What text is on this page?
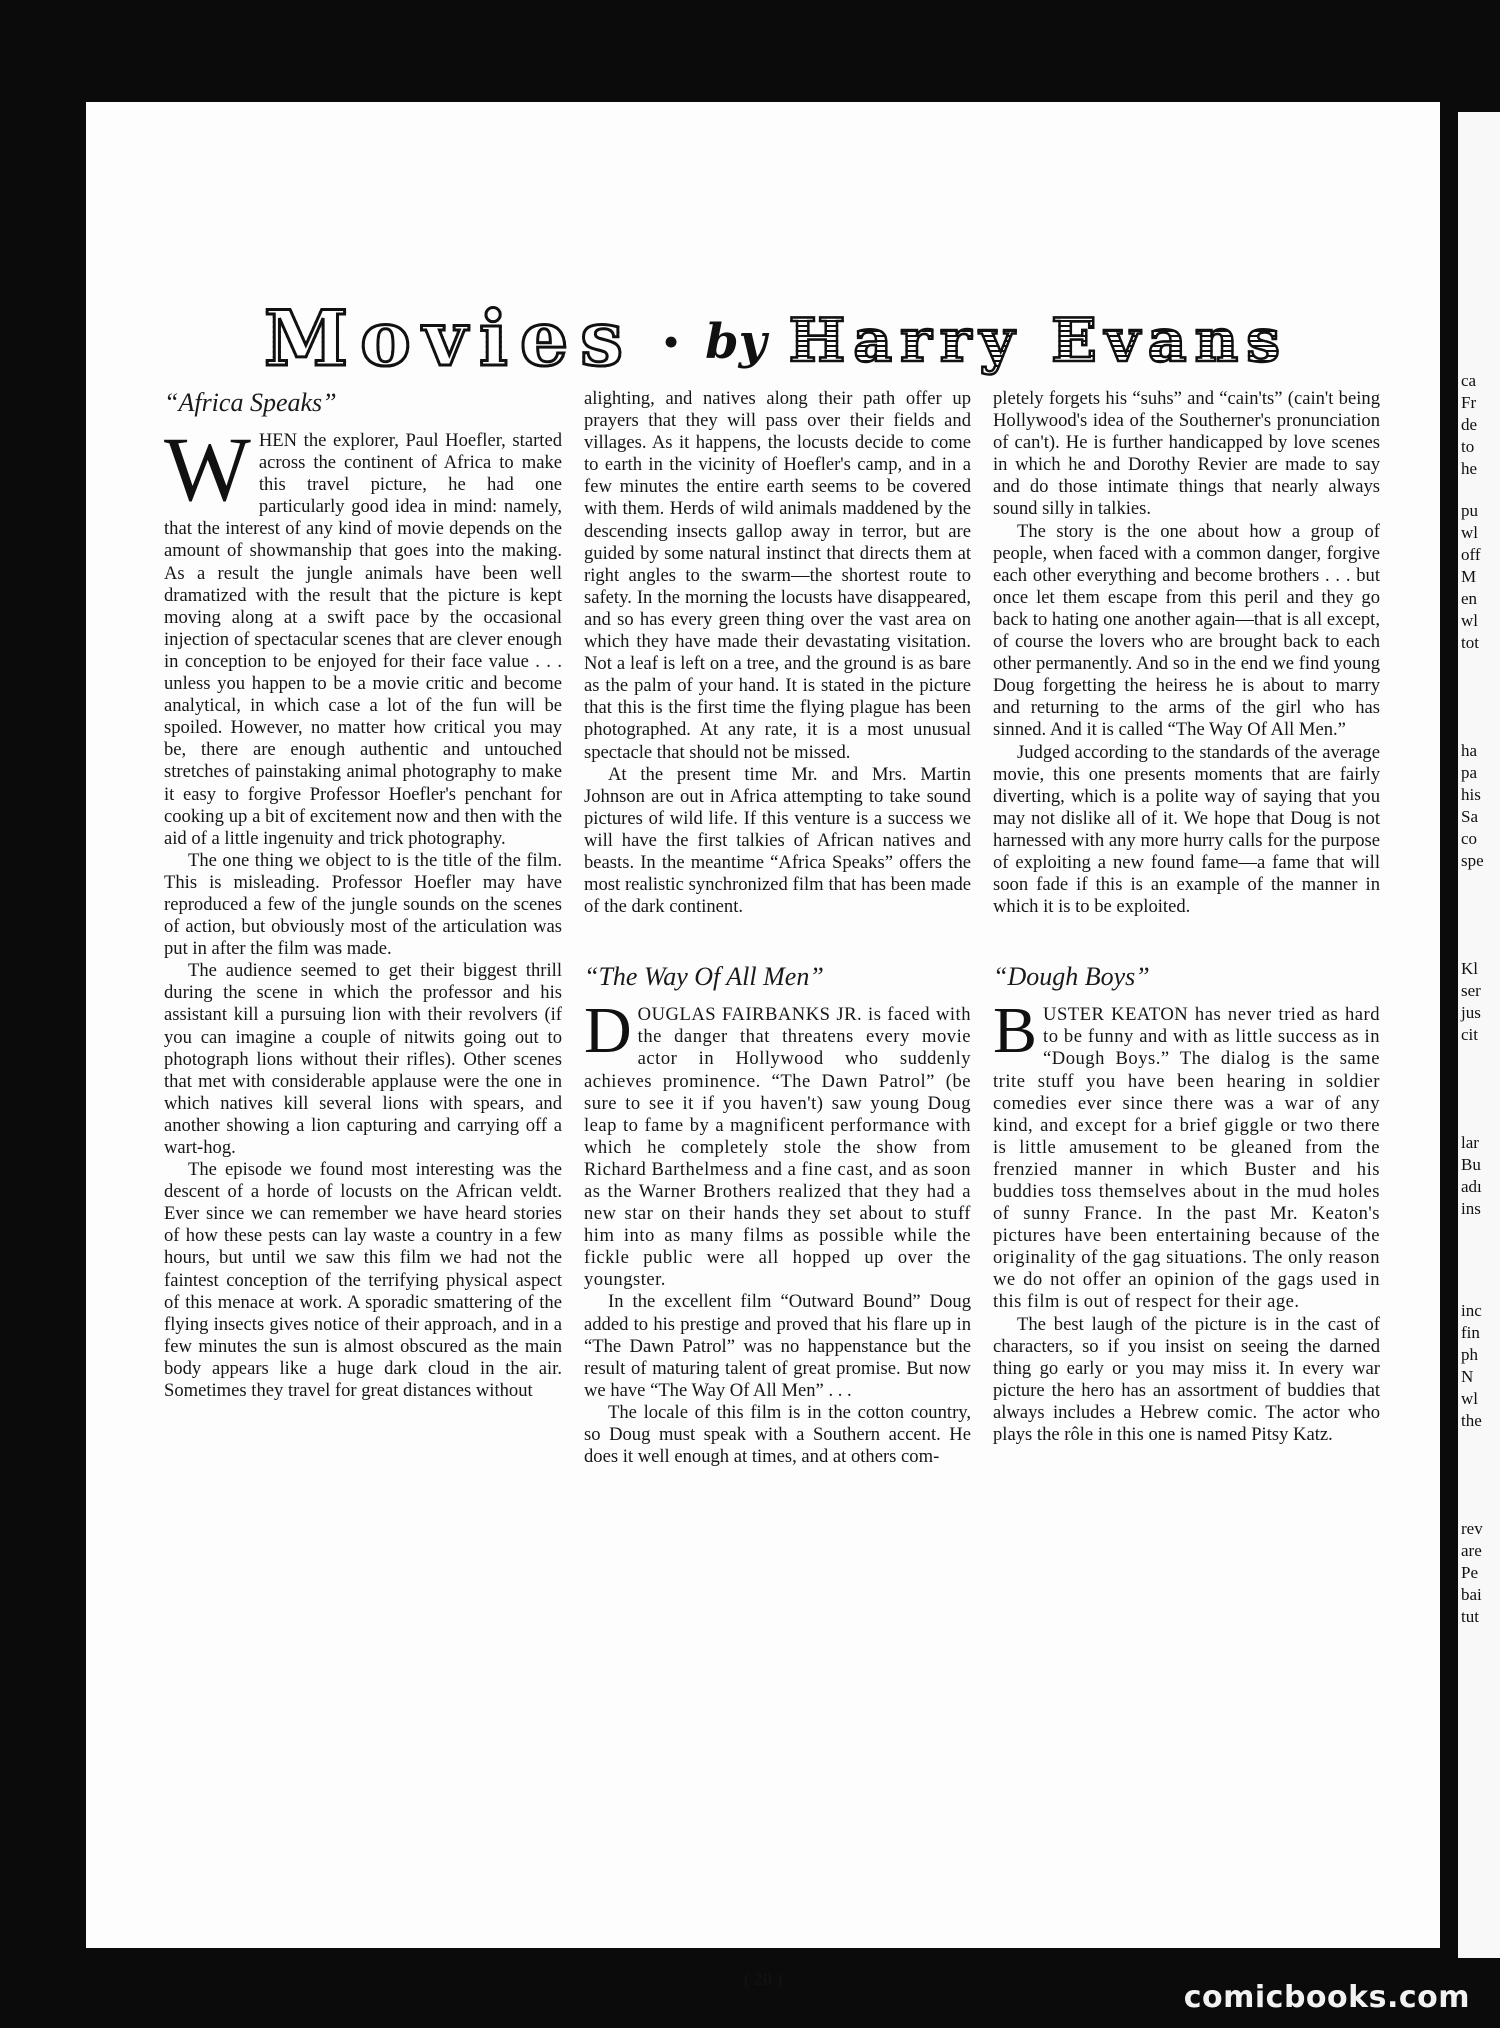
Movies • by Harry Evans
“Africa Speaks”

WHEN the explorer, Paul Hoefler, started across the continent of Africa to make this travel picture, he had one particularly good idea in mind: namely, that the interest of any kind of movie depends on the amount of showmanship that goes into the making. As a result the jungle animals have been well dramatized with the result that the picture is kept moving along at a swift pace by the occasional injection of spectacular scenes that are clever enough in conception to be enjoyed for their face value . . . unless you happen to be a movie critic and become analytical, in which case a lot of the fun will be spoiled. However, no matter how critical you may be, there are enough authentic and untouched stretches of painstaking animal photography to make it easy to forgive Professor Hoefler's penchant for cooking up a bit of excitement now and then with the aid of a little ingenuity and trick photography.

The one thing we object to is the title of the film. This is misleading. Professor Hoefler may have reproduced a few of the jungle sounds on the scenes of action, but obviously most of the articulation was put in after the film was made.

The audience seemed to get their biggest thrill during the scene in which the professor and his assistant kill a pursuing lion with their revolvers (if you can imagine a couple of nitwits going out to photograph lions without their rifles). Other scenes that met with considerable applause were the one in which natives kill several lions with spears, and another showing a lion capturing and carrying off a wart-hog.

The episode we found most interesting was the descent of a horde of locusts on the African veldt. Ever since we can remember we have heard stories of how these pests can lay waste a country in a few hours, but until we saw this film we had not the faintest conception of the terrifying physical aspect of this menace at work. A sporadic smattering of the flying insects gives notice of their approach, and in a few minutes the sun is almost obscured as the main body appears like a huge dark cloud in the air. Sometimes they travel for great distances without

alighting, and natives along their path offer up prayers that they will pass over their fields and villages. As it happens, the locusts decide to come to earth in the vicinity of Hoefler's camp, and in a few minutes the entire earth seems to be covered with them. Herds of wild animals maddened by the descending insects gallop away in terror, but are guided by some natural instinct that directs them at right angles to the swarm—the shortest route to safety. In the morning the locusts have disappeared, and so has every green thing over the vast area on which they have made their devastating visitation. Not a leaf is left on a tree, and the ground is as bare as the palm of your hand. It is stated in the picture that this is the first time the flying plague has been photographed. At any rate, it is a most unusual spectacle that should not be missed.

At the present time Mr. and Mrs. Martin Johnson are out in Africa attempting to take sound pictures of wild life. If this venture is a success we will have the first talkies of African natives and beasts. In the meantime “Africa Speaks” offers the most realistic synchronized film that has been made of the dark continent.

“The Way Of All Men”

DOUGLAS FAIRBANKS JR. is faced with the danger that threatens every movie actor in Hollywood who suddenly achieves prominence. “The Dawn Patrol” (be sure to see it if you haven't) saw young Doug leap to fame by a magnificent performance with which he completely stole the show from Richard Barthelmess and a fine cast, and as soon as the Warner Brothers realized that they had a new star on their hands they set about to stuff him into as many films as possible while the fickle public were all hopped up over the youngster.

In the excellent film “Outward Bound” Doug added to his prestige and proved that his flare up in “The Dawn Patrol” was no happenstance but the result of maturing talent of great promise. But now we have “The Way Of All Men” . . .

The locale of this film is in the cotton country, so Doug must speak with a Southern accent. He does it well enough at times, and at others com-

pletely forgets his “suhs” and “cain'ts” (cain't being Hollywood's idea of the Southerner's pronunciation of can't). He is further handicapped by love scenes in which he and Dorothy Revier are made to say and do those intimate things that nearly always sound silly in talkies.

The story is the one about how a group of people, when faced with a common danger, forgive each other everything and become brothers . . . but once let them escape from this peril and they go back to hating one another again—that is all except, of course the lovers who are brought back to each other permanently. And so in the end we find young Doug forgetting the heiress he is about to marry and returning to the arms of the girl who has sinned. And it is called “The Way Of All Men.”

Judged according to the standards of the average movie, this one presents moments that are fairly diverting, which is a polite way of saying that you may not dislike all of it. We hope that Doug is not harnessed with any more hurry calls for the purpose of exploiting a new found fame—a fame that will soon fade if this is an example of the manner in which it is to be exploited.

“Dough Boys”

BUSTER KEATON has never tried as hard to be funny and with as little success as in “Dough Boys.” The dialog is the same trite stuff you have been hearing in soldier comedies ever since there was a war of any kind, and except for a brief giggle or two there is little amusement to be gleaned from the frenzied manner in which Buster and his buddies toss themselves about in the mud holes of sunny France. In the past Mr. Keaton's pictures have been entertaining because of the originality of the gag situations. The only reason we do not offer an opinion of the gags used in this film is out of respect for their age.

The best laugh of the picture is in the cast of characters, so if you insist on seeing the darned thing go early or you may miss it. In every war picture the hero has an assortment of buddies that always includes a Hebrew comic. The actor who plays the rôle in this one is named Pitsy Katz.

( 20 )
ca
Fr
de
to
he
pu
wl
off
M
en
wl
tot
ha
pa
his
Sa
co
spe
Kl
ser
jus
cit
lar
Bu
adı
ins
inc
fin
ph
N
wl
the
rev
are
Pe
bai
tut
comicbooks.com
